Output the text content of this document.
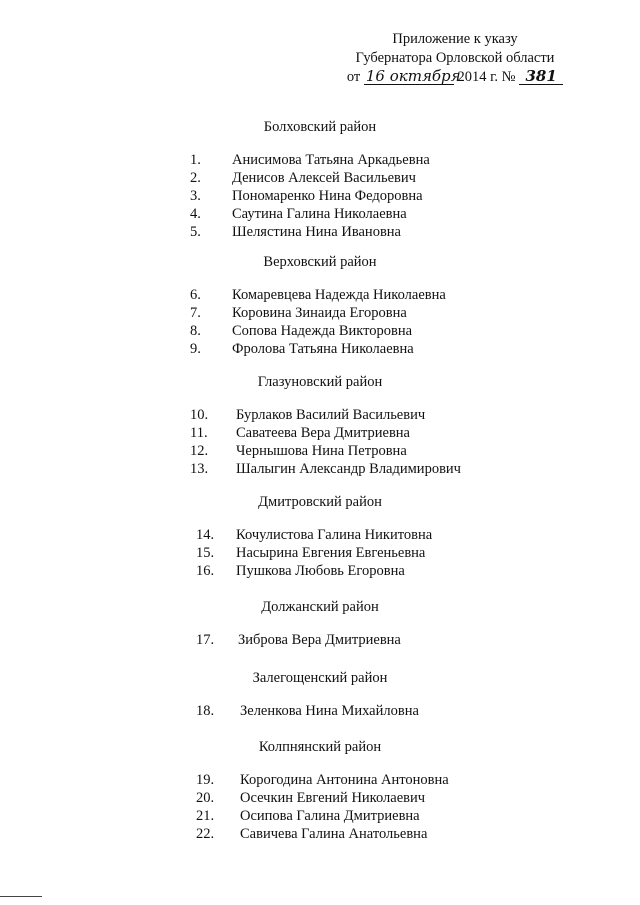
Приложение к указу
Губернатора Орловской области
от 16 октября 2014 г. № 381
Болховский район
1. Анисимова Татьяна Аркадьевна
2. Денисов Алексей Васильевич
3. Пономаренко Нина Федоровна
4. Саутина Галина Николаевна
5. Шелястина Нина Ивановна
Верховский район
6. Комаревцева Надежда Николаевна
7. Коровина Зинаида Егоровна
8. Сопова Надежда Викторовна
9. Фролова Татьяна Николаевна
Глазуновский район
10. Бурлаков Василий Васильевич
11. Саватеева Вера Дмитриевна
12. Чернышова Нина Петровна
13. Шалыгин Александр Владимирович
Дмитровский район
14. Кочулистова Галина Никитовна
15. Насырина Евгения Евгеньевна
16. Пушкова Любовь Егоровна
Должанский район
17. Зиброва Вера Дмитриевна
Залегощенский район
18. Зеленкова Нина Михайловна
Колпнянский район
19. Корогодина Антонина Антоновна
20. Осечкин Евгений Николаевич
21. Осипова Галина Дмитриевна
22. Савичева Галина Анатольевна
